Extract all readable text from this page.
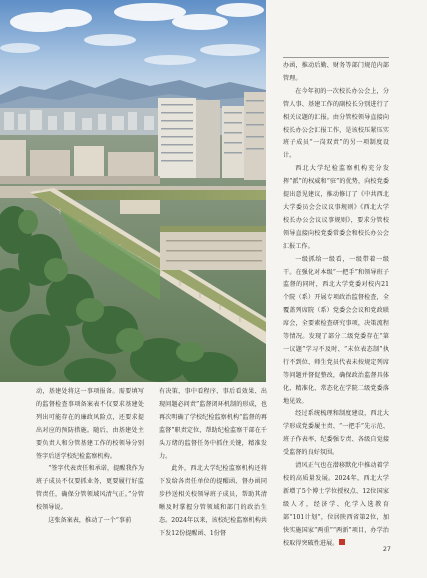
办函，推动后勤、财务等部门规范内部管理。

在今年初的一次校长办公会上，分管人事、基建工作的副校长分别进行了相关议题的汇报。由分管校领导直接向校长办公会汇报工作，是该校压紧压实班子成员“一岗双责”的另一项制度设计。

西北大学纪检监察机构充分发挥“派”的权威和“驻”的优势，向校党委提出意见建议，推动修订了《中共西北大学委员会会议议事规则》《西北大学校长办公会议议事规则》，要求分管校领导直接向校党委常委会和校长办公会汇报工作。

一级抓给一级看，一级带着一级干。在强化对本级“一把手”和领导班子监督的同时，西北大学党委对校内21个院（系）开展专项政治监督检查，全覆盖列席院（系）党委会会议和党政联席会，全要素检查研究事项，决策流程等情况。发现了部分二级党委存在“第一议题”学习不及时、“末位表态制”执行不到位、师生党员代表未按规定列席等问题并督促整改，确保政治监督具体化、精准化、常态化在学院二级党委落地见效。

经过系统梳理和制度建设，西北大学形成党委履主责、“一把手”先示范、班子作表率、纪委强专责、各级自觉接受监督的良好氛围。

清风正气也在潜移默化中推动着学校的高质量发展。2024年，西北大学新增了5个博士学位授权点、12位国家级人才，经济学、化学入选教育部“101计划”，位居陕西省第2位，加快实施国家“两重”“两新”项目，办学治校取得突破性进展。

动，基建处将这一事项报备。需要填写的监督检查事项备案表不仅要求基建处列出可能存在的廉政风险点，还要求提出对应的预防措施。随后，由基建处主要负责人和分管基建工作的校领导分别签字后送学校纪检监察机构。

“签字代表责任和承诺，提醒我作为班子成员不仅要抓业务，更要履行好监管责任，确保分管领域风清气正。”分管校领导说。

这张备案表，推动了一个“事前

有决策、事中看程序、事后看效果、出现问题必问责”监督闭环机制的形成，也再次明确了学校纪检监察机构“监督的再监督”职责定位，帮助纪检监察干部在千头万绪的监督任务中抓住关键，精准发力。

此外，西北大学纪检监察机构还将下发给各责任单位的提醒函、督办函同步抄送相关校领导班子成员，帮助其清晰及时掌握分管领域和部门的政治生态。2024年以来，该校纪检监察机构共下发12份提醒函、1份督

27
